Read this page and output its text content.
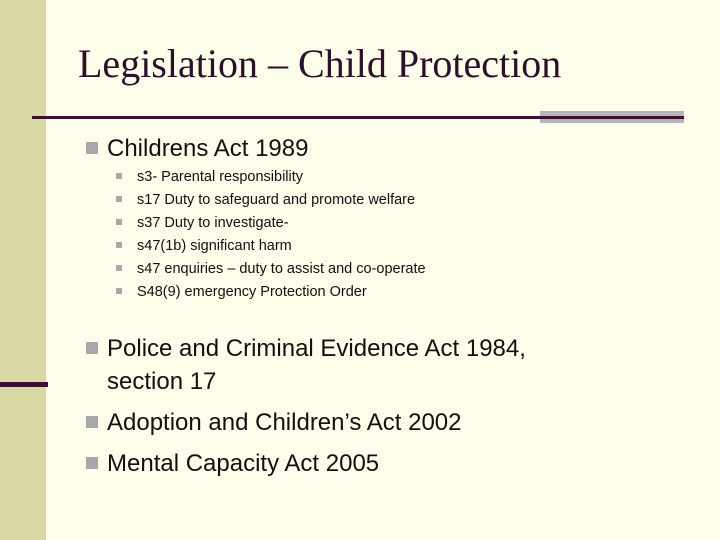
Legislation – Child Protection
Childrens Act 1989
s3- Parental responsibility
s17 Duty to safeguard and promote welfare
s37 Duty to investigate-
s47(1b) significant harm
s47 enquiries – duty to assist and co-operate
S48(9) emergency Protection Order
Police and Criminal Evidence Act 1984,
section 17
Adoption and Children’s Act 2002
Mental Capacity Act 2005
